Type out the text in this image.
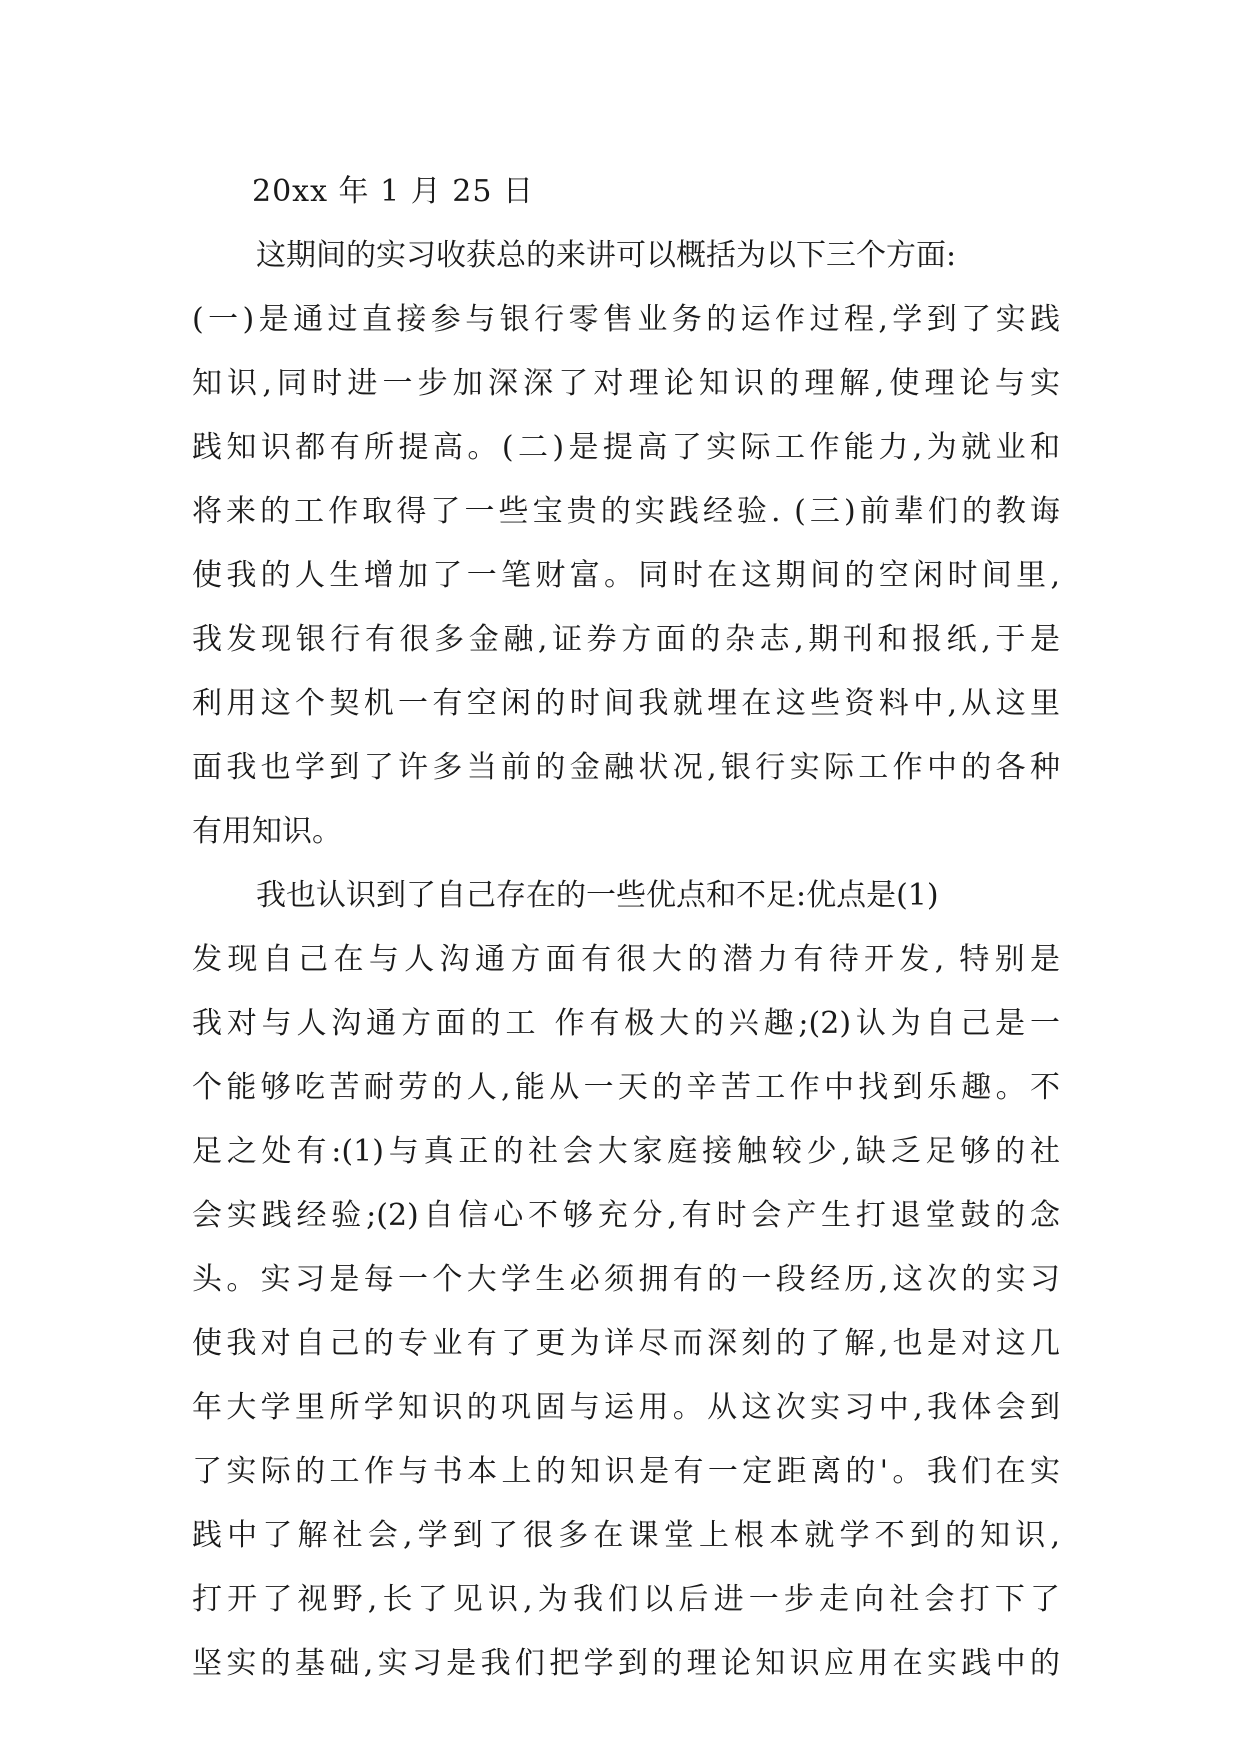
20xx 年 1 月 25 日
这期间的实习收获总的来讲可以概括为以下三个方面:
(一)是通过直接参与银行零售业务的运作过程,学到了实践
知识,同时进一步加深深了对理论知识的理解,使理论与实
践知识都有所提高。(二)是提高了实际工作能力,为就业和
将来的工作取得了一些宝贵的实践经验. (三)前辈们的教诲
使我的人生增加了一笔财富。同时在这期间的空闲时间里,
我发现银行有很多金融,证券方面的杂志,期刊和报纸,于是
利用这个契机一有空闲的时间我就埋在这些资料中,从这里
面我也学到了许多当前的金融状况,银行实际工作中的各种
有用知识。
我也认识到了自己存在的一些优点和不足:优点是(1)
发现自己在与人沟通方面有很大的潜力有待开发, 特别是
我对与人沟通方面的工 作有极大的兴趣;(2)认为自己是一
个能够吃苦耐劳的人,能从一天的辛苦工作中找到乐趣。不
足之处有:(1)与真正的社会大家庭接触较少,缺乏足够的社
会实践经验;(2)自信心不够充分,有时会产生打退堂鼓的念
头。实习是每一个大学生必须拥有的一段经历,这次的实习
使我对自己的专业有了更为详尽而深刻的了解,也是对这几
年大学里所学知识的巩固与运用。从这次实习中,我体会到
了实际的工作与书本上的知识是有一定距离的'。我们在实
践中了解社会,学到了很多在课堂上根本就学不到的知识,
打开了视野,长了见识,为我们以后进一步走向社会打下了
坚实的基础,实习是我们把学到的理论知识应用在实践中的
